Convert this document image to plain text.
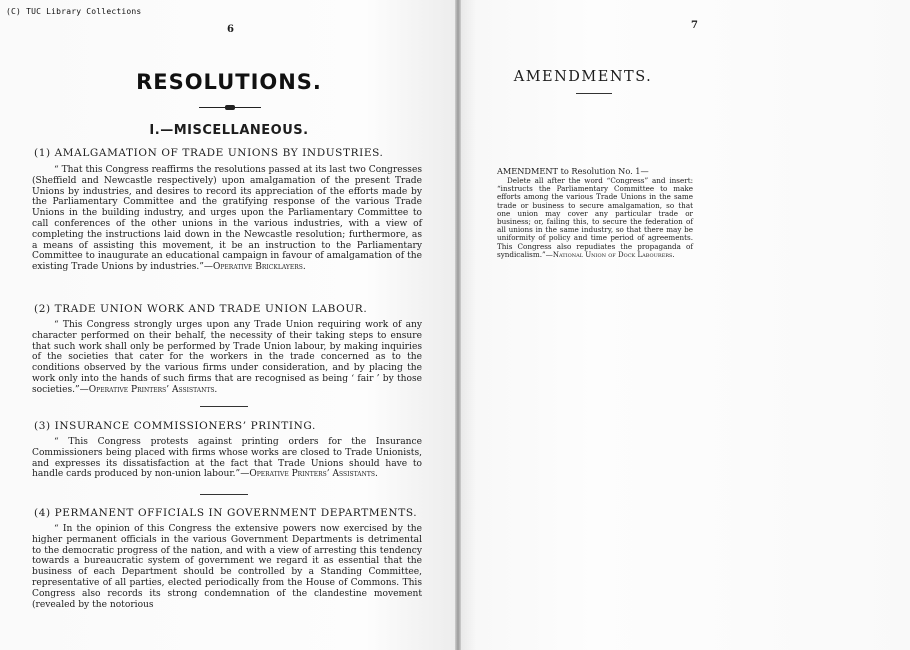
(C) TUC Library Collections
6	7
RESOLUTIONS.
I.—MISCELLANEOUS.
(1) AMALGAMATION OF TRADE UNIONS BY INDUSTRIES.

“ That this Congress reaffirms the resolutions passed at its last two Congresses (Sheffield and Newcastle respectively) upon amalgamation of the present Trade Unions by industries, and desires to record its appreciation of the efforts made by the Parliamentary Committee and the gratifying response of the various Trade Unions in the building industry, and urges upon the Parliamentary Committee to call conferences of the other unions in the various industries, with a view of completing the instructions laid down in the Newcastle resolution; furthermore, as a means of assisting this movement, it be an instruction to the Parliamentary Committee to inaugurate an educational campaign in favour of amalgamation of the existing Trade Unions by industries.”—Operative Bricklayers.

(2) TRADE UNION WORK AND TRADE UNION LABOUR.

“ This Congress strongly urges upon any Trade Union requiring work of any character performed on their behalf, the necessity of their taking steps to ensure that such work shall only be performed by Trade Union labour, by making inquiries of the societies that cater for the workers in the trade concerned as to the conditions observed by the various firms under consideration, and by placing the work only into the hands of such firms that are recognised as being ‘ fair ’ by those societies.”—Operative Printers’ Assistants.

(3) INSURANCE COMMISSIONERS’ PRINTING.

“ This Congress protests against printing orders for the Insurance Commissioners being placed with firms whose works are closed to Trade Unionists, and expresses its dissatisfaction at the fact that Trade Unions should have to handle cards produced by non-union labour.”—Operative Printers’ Assistants.

(4) PERMANENT OFFICIALS IN GOVERNMENT DEPARTMENTS.

“ In the opinion of this Congress the extensive powers now exercised by the higher permanent officials in the various Government Departments is detrimental to the democratic progress of the nation, and with a view of arresting this tendency towards a bureaucratic system of government we regard it as essential that the business of each Department should be controlled by a Standing Committee, representative of all parties, elected periodically from the House of Commons. This Congress also records its strong condemnation of the clandestine movement (revealed by the notorious

AMENDMENTS.
AMENDMENT to Resolution No. 1—

Delete all after the word “Congress” and insert: “instructs the Parliamentary Committee to make efforts among the various Trade Unions in the same trade or business to secure amalgamation, so that one union may cover any particular trade or business; or, failing this, to secure the federation of all unions in the same industry, so that there may be uniformity of policy and time period of agreements. This Congress also repudiates the propaganda of syndicalism.”—National Union of Dock Labourers.
